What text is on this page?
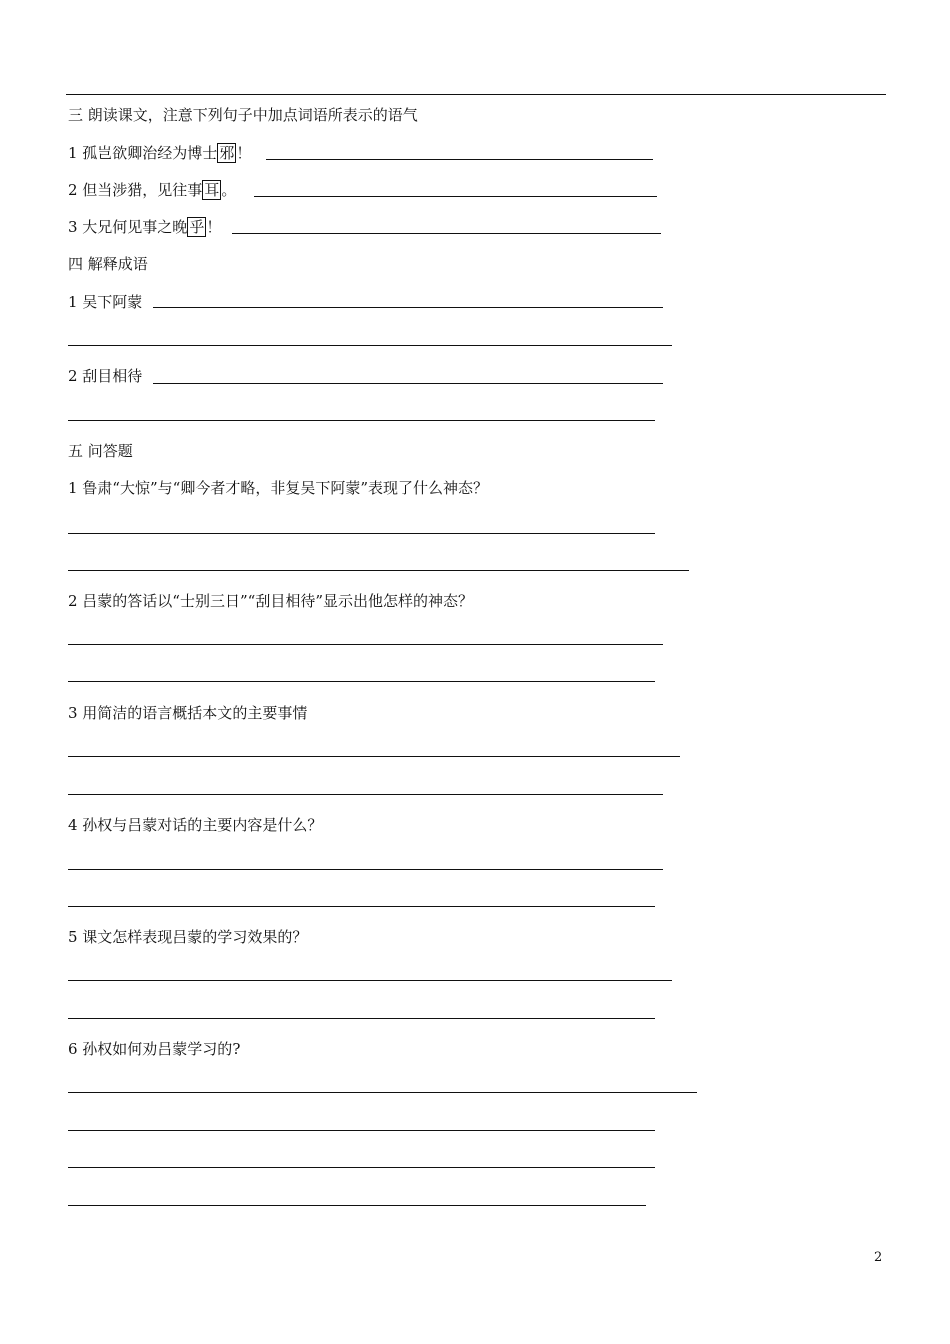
三 朗读课文，注意下列句子中加点词语所表示的语气
1 孤岂欲卿治经为博士 邪 ！
2 但当涉猎，见往事 耳 。
3 大兄何见事之晚 乎 ！
四 解释成语
1 吴下阿蒙
2 刮目相待
五 问答题
1 鲁肃“大惊”与“卿今者才略，非复吴下阿蒙”表现了什么神态？
2 吕蒙的答话以“士别三日”“刮目相待”显示出他怎样的神态？
3 用简洁的语言概括本文的主要事情
4 孙权与吕蒙对话的主要内容是什么？
5 课文怎样表现吕蒙的学习效果的？
6 孙权如何劝吕蒙学习的?
2
